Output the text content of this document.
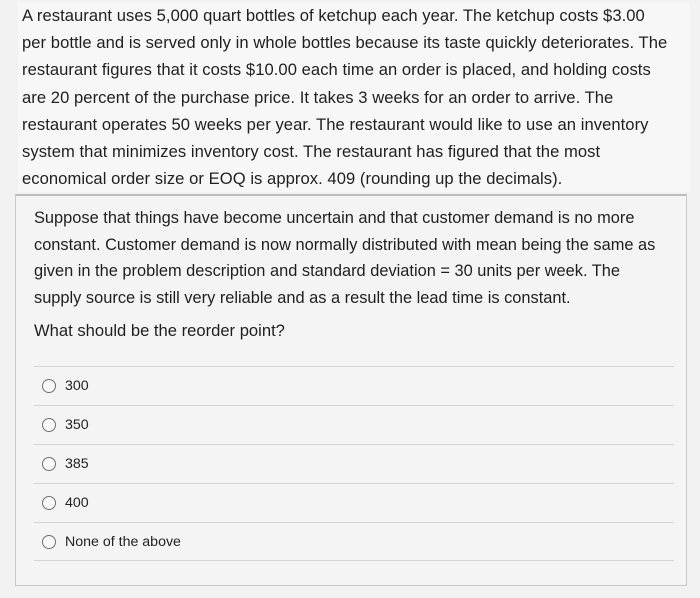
A restaurant uses 5,000 quart bottles of ketchup each year. The ketchup costs $3.00

per bottle and is served only in whole bottles because its taste quickly deteriorates. The

restaurant figures that it costs $10.00 each time an order is placed, and holding costs

are 20 percent of the purchase price. It takes 3 weeks for an order to arrive. The

restaurant operates 50 weeks per year. The restaurant would like to use an inventory

system that minimizes inventory cost. The restaurant has figured that the most

economical order size or EOQ is approx. 409 (rounding up the decimals).

Suppose that things have become uncertain and that customer demand is no more
constant. Customer demand is now normally distributed with mean being the same as
given in the problem description and standard deviation = 30 units per week. The
supply source is still very reliable and as a result the lead time is constant.

What should be the reorder point?

300
350
385
400
None of the above
